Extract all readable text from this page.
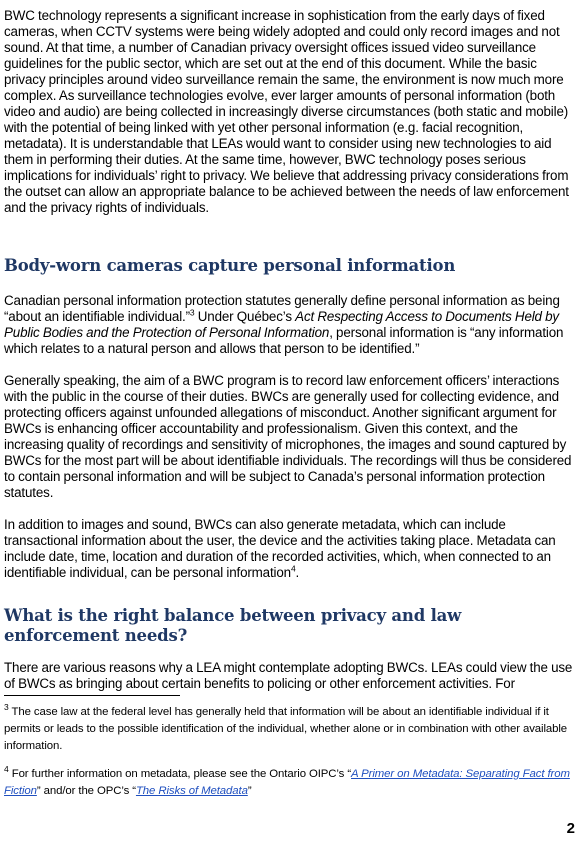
BWC technology represents a significant increase in sophistication from the early days of fixed cameras, when CCTV systems were being widely adopted and could only record images and not sound. At that time, a number of Canadian privacy oversight offices issued video surveillance guidelines for the public sector, which are set out at the end of this document. While the basic privacy principles around video surveillance remain the same, the environment is now much more complex. As surveillance technologies evolve, ever larger amounts of personal information (both video and audio) are being collected in increasingly diverse circumstances (both static and mobile) with the potential of being linked with yet other personal information (e.g. facial recognition, metadata). It is understandable that LEAs would want to consider using new technologies to aid them in performing their duties. At the same time, however, BWC technology poses serious implications for individuals’ right to privacy. We believe that addressing privacy considerations from the outset can allow an appropriate balance to be achieved between the needs of law enforcement and the privacy rights of individuals.

Body-worn cameras capture personal information

Canadian personal information protection statutes generally define personal information as being “about an identifiable individual.”$^3$ Under Québec’s Act Respecting Access to Documents Held by Public Bodies and the Protection of Personal Information, personal information is “any information which relates to a natural person and allows that person to be identified.”

Generally speaking, the aim of a BWC program is to record law enforcement officers’ interactions with the public in the course of their duties. BWCs are generally used for collecting evidence, and protecting officers against unfounded allegations of misconduct. Another significant argument for BWCs is enhancing officer accountability and professionalism. Given this context, and the increasing quality of recordings and sensitivity of microphones, the images and sound captured by BWCs for the most part will be about identifiable individuals. The recordings will thus be considered to contain personal information and will be subject to Canada’s personal information protection statutes.

In addition to images and sound, BWCs can also generate metadata, which can include transactional information about the user, the device and the activities taking place. Metadata can include date, time, location and duration of the recorded activities, which, when connected to an identifiable individual, can be personal information$^4$.

What is the right balance between privacy and law enforcement needs?

There are various reasons why a LEA might contemplate adopting BWCs. LEAs could view the use of BWCs as bringing about certain benefits to policing or other enforcement activities. For

$^3$ The case law at the federal level has generally held that information will be about an identifiable individual if it permits or leads to the possible identification of the individual, whether alone or in combination with other available information.

$^4$ For further information on metadata, please see the Ontario OIPC’s “A Primer on Metadata: Separating Fact from Fiction” and/or the OPC’s “The Risks of Metadata”

2
